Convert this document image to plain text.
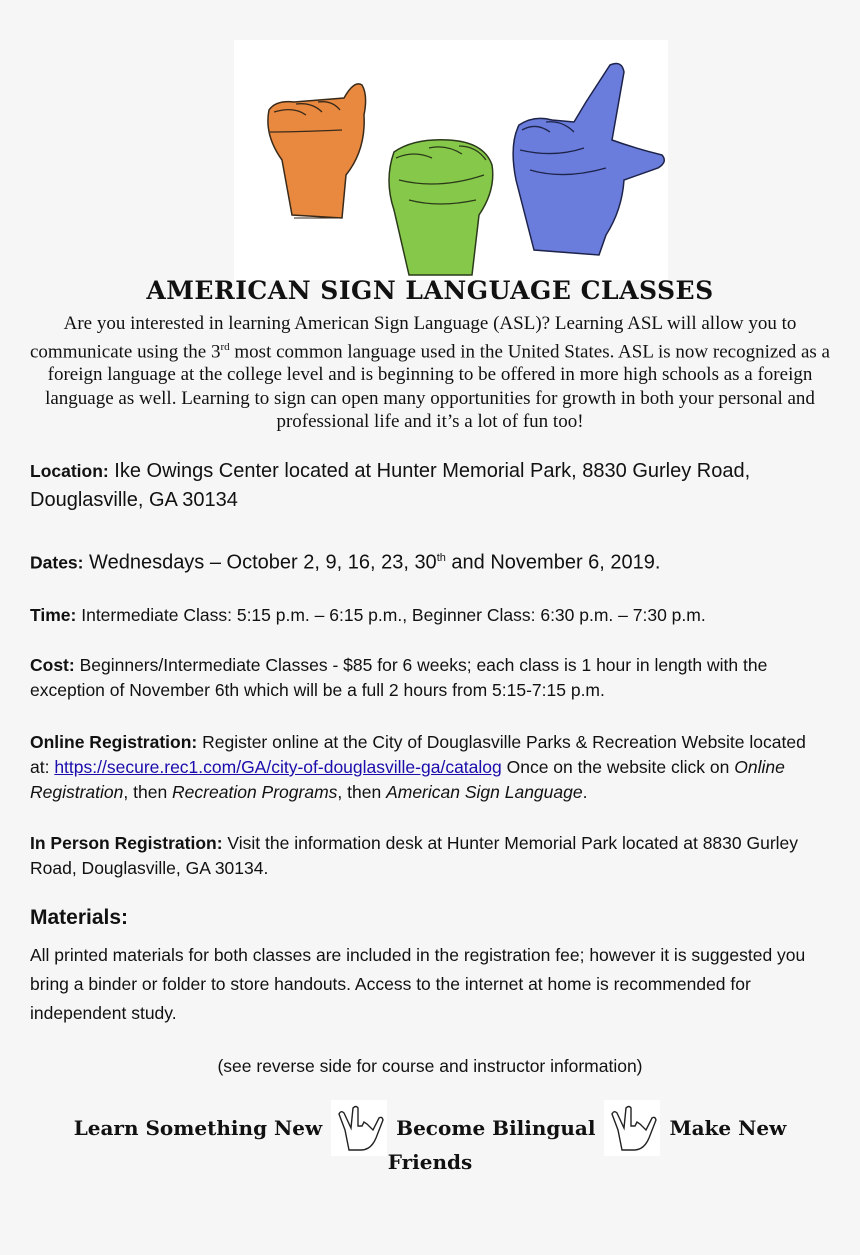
AMERICAN SIGN LANGUAGE CLASSES
Are you interested in learning American Sign Language (ASL)? Learning ASL will allow you to communicate using the 3rd most common language used in the United States. ASL is now recognized as a foreign language at the college level and is beginning to be offered in more high schools as a foreign language as well. Learning to sign can open many opportunities for growth in both your personal and professional life and it’s a lot of fun too!
Location: Ike Owings Center located at Hunter Memorial Park, 8830 Gurley Road, Douglasville, GA 30134
Dates: Wednesdays – October 2, 9, 16, 23, 30th and November 6, 2019.
Time: Intermediate Class: 5:15 p.m. – 6:15 p.m., Beginner Class: 6:30 p.m. – 7:30 p.m.
Cost: Beginners/Intermediate Classes - $85 for 6 weeks; each class is 1 hour in length with the exception of November 6th which will be a full 2 hours from 5:15-7:15 p.m.
Online Registration: Register online at the City of Douglasville Parks & Recreation Website located at: https://secure.rec1.com/GA/city-of-douglasville-ga/catalog Once on the website click on Online Registration, then Recreation Programs, then American Sign Language.
In Person Registration: Visit the information desk at Hunter Memorial Park located at 8830 Gurley Road, Douglasville, GA 30134.
Materials:
All printed materials for both classes are included in the registration fee; however it is suggested you bring a binder or folder to store handouts. Access to the internet at home is recommended for independent study.
(see reverse side for course and instructor information)
Learn Something New	Become Bilingual	Make New
Friends
